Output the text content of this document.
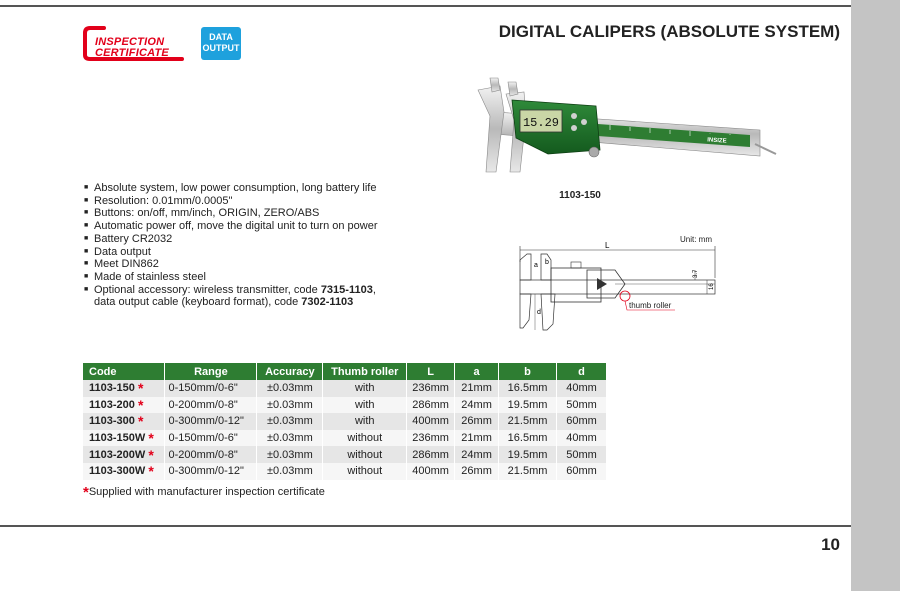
INSPECTION
CERTIFICATE
DATA
OUTPUT
DIGITAL CALIPERS (ABSOLUTE SYSTEM)
15.29
INSIZE
1103-150
Unit: mm
L
a b
d
3.7
16
thumb roller
■ Absolute system, low power consumption, long battery life
■ Resolution: 0.01mm/0.0005"
■ Buttons: on/off, mm/inch, ORIGIN, ZERO/ABS
■ Automatic power off, move the digital unit to turn on power
■ Battery CR2032
■ Data output
■ Meet DIN862
■ Made of stainless steel
■ Optional accessory: wireless transmitter, code 7315-1103,
data output cable (keyboard format), code 7302-1103
Code	Range	Accuracy	Thumb roller	L	a	b	d
1103-150 *	0-150mm/0-6"	±0.03mm	with	236mm	21mm	16.5mm	40mm
1103-200 *	0-200mm/0-8"	±0.03mm	with	286mm	24mm	19.5mm	50mm
1103-300 *	0-300mm/0-12"	±0.03mm	with	400mm	26mm	21.5mm	60mm
1103-150W *	0-150mm/0-6"	±0.03mm	without	236mm	21mm	16.5mm	40mm
1103-200W *	0-200mm/0-8"	±0.03mm	without	286mm	24mm	19.5mm	50mm
1103-300W *	0-300mm/0-12"	±0.03mm	without	400mm	26mm	21.5mm	60mm
*Supplied with manufacturer inspection certificate
10
